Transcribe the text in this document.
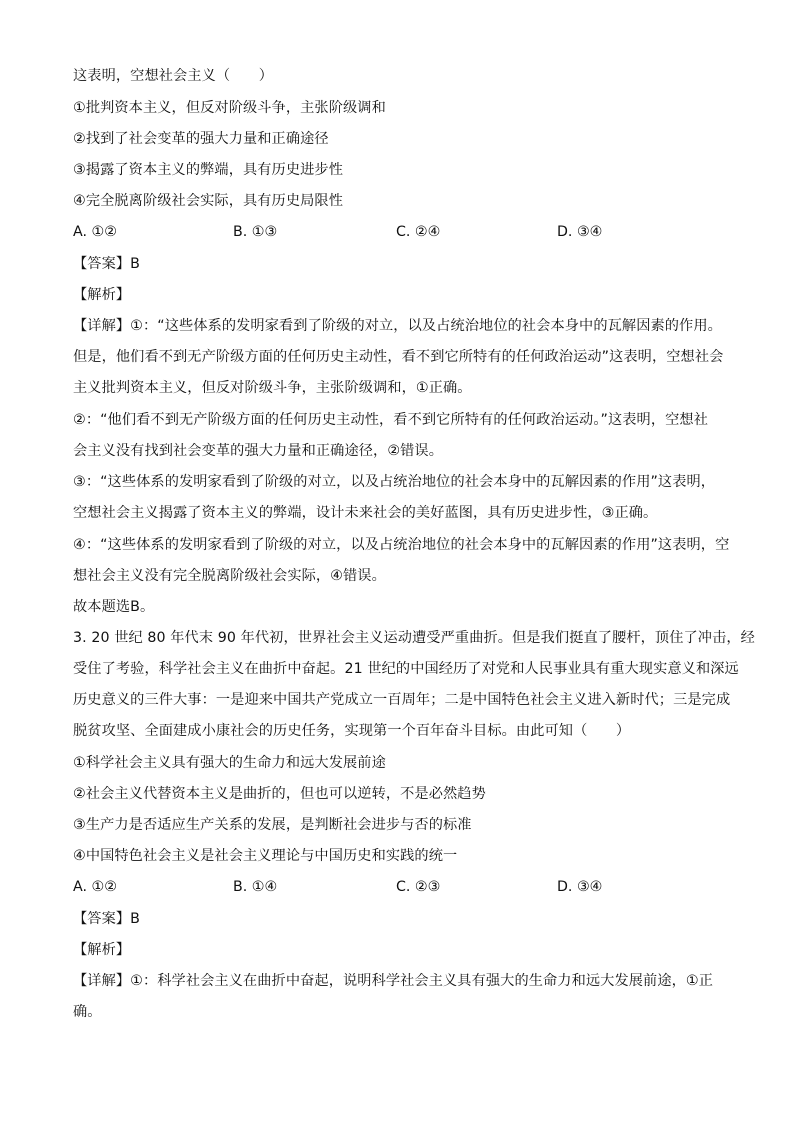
这表明，空想社会主义（　　）
①批判资本主义，但反对阶级斗争，主张阶级调和
②找到了社会变革的强大力量和正确途径
③揭露了资本主义的弊端，具有历史进步性
④完全脱离阶级社会实际，具有历史局限性
A. ①②	B. ①③	C. ②④	D. ③④
【答案】B
【解析】
【详解】①：“这些体系的发明家看到了阶级的对立，以及占统治地位的社会本身中的瓦解因素的作用。
但是，他们看不到无产阶级方面的任何历史主动性，看不到它所特有的任何政治运动”这表明，空想社会
主义批判资本主义，但反对阶级斗争，主张阶级调和，①正确。
②：“他们看不到无产阶级方面的任何历史主动性，看不到它所特有的任何政治运动。”这表明，空想社
会主义没有找到社会变革的强大力量和正确途径，②错误。
③：“这些体系的发明家看到了阶级的对立，以及占统治地位的社会本身中的瓦解因素的作用”这表明，
空想社会主义揭露了资本主义的弊端，设计未来社会的美好蓝图，具有历史进步性，③正确。
④：“这些体系的发明家看到了阶级的对立，以及占统治地位的社会本身中的瓦解因素的作用”这表明，空
想社会主义没有完全脱离阶级社会实际，④错误。
故本题选B。
3. 20 世纪 80 年代末 90 年代初，世界社会主义运动遭受严重曲折。但是我们挺直了腰杆，顶住了冲击，经
受住了考验，科学社会主义在曲折中奋起。21 世纪的中国经历了对党和人民事业具有重大现实意义和深远
历史意义的三件大事：一是迎来中国共产党成立一百周年；二是中国特色社会主义进入新时代；三是完成
脱贫攻坚、全面建成小康社会的历史任务，实现第一个百年奋斗目标。由此可知（　　）
①科学社会主义具有强大的生命力和远大发展前途
②社会主义代替资本主义是曲折的，但也可以逆转，不是必然趋势
③生产力是否适应生产关系的发展，是判断社会进步与否的标准
④中国特色社会主义是社会主义理论与中国历史和实践的统一
A. ①②	B. ①④	C. ②③	D. ③④
【答案】B
【解析】
【详解】①：科学社会主义在曲折中奋起，说明科学社会主义具有强大的生命力和远大发展前途，①正
确。
